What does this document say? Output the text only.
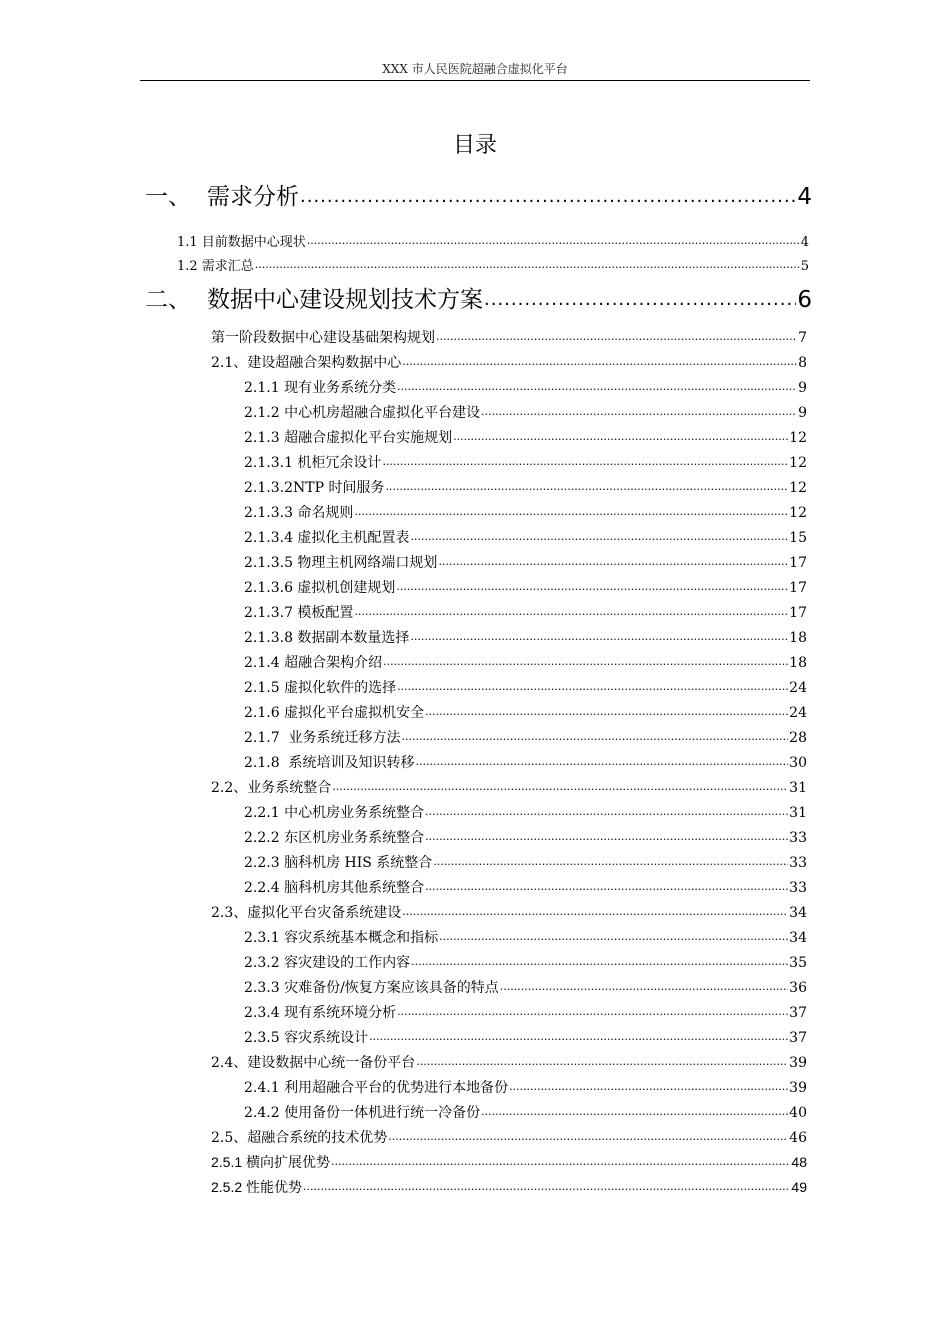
XXX 市人民医院超融合虚拟化平台
目录
一、 需求分析 .....	4
1.1 目前数据中心现状 .....	4
1.2 需求汇总 .....	5
二、 数据中心建设规划技术方案 .....	6
第一阶段数据中心建设基础架构规划 .....	7
2.1、建设超融合架构数据中心 .....	8
2.1.1 现有业务系统分类 .....	9
2.1.2 中心机房超融合虚拟化平台建设 .....	9
2.1.3 超融合虚拟化平台实施规划 .....	12
2.1.3.1 机柜冗余设计 .....	12
2.1.3.2NTP 时间服务 .....	12
2.1.3.3 命名规则 .....	12
2.1.3.4 虚拟化主机配置表 .....	15
2.1.3.5 物理主机网络端口规划 .....	17
2.1.3.6 虚拟机创建规划 .....	17
2.1.3.7 模板配置 .....	17
2.1.3.8 数据副本数量选择 .....	18
2.1.4 超融合架构介绍 .....	18
2.1.5 虚拟化软件的选择 .....	24
2.1.6 虚拟化平台虚拟机安全 .....	24
2.1.7  业务系统迁移方法 .....	28
2.1.8  系统培训及知识转移 .....	30
2.2、业务系统整合 .....	31
2.2.1 中心机房业务系统整合 .....	31
2.2.2 东区机房业务系统整合 .....	33
2.2.3 脑科机房 HIS 系统整合 .....	33
2.2.4 脑科机房其他系统整合 .....	33
2.3、虚拟化平台灾备系统建设 .....	34
2.3.1 容灾系统基本概念和指标 .....	34
2.3.2 容灾建设的工作内容 .....	35
2.3.3 灾难备份/恢复方案应该具备的特点 .....	36
2.3.4 现有系统环境分析 .....	37
2.3.5 容灾系统设计 .....	37
2.4、建设数据中心统一备份平台 .....	39
2.4.1 利用超融合平台的优势进行本地备份 .....	39
2.4.2 使用备份一体机进行统一冷备份 .....	40
2.5、超融合系统的技术优势 .....	46
2.5.1 横向扩展优势 .....	48
2.5.2 性能优势 .....	49
